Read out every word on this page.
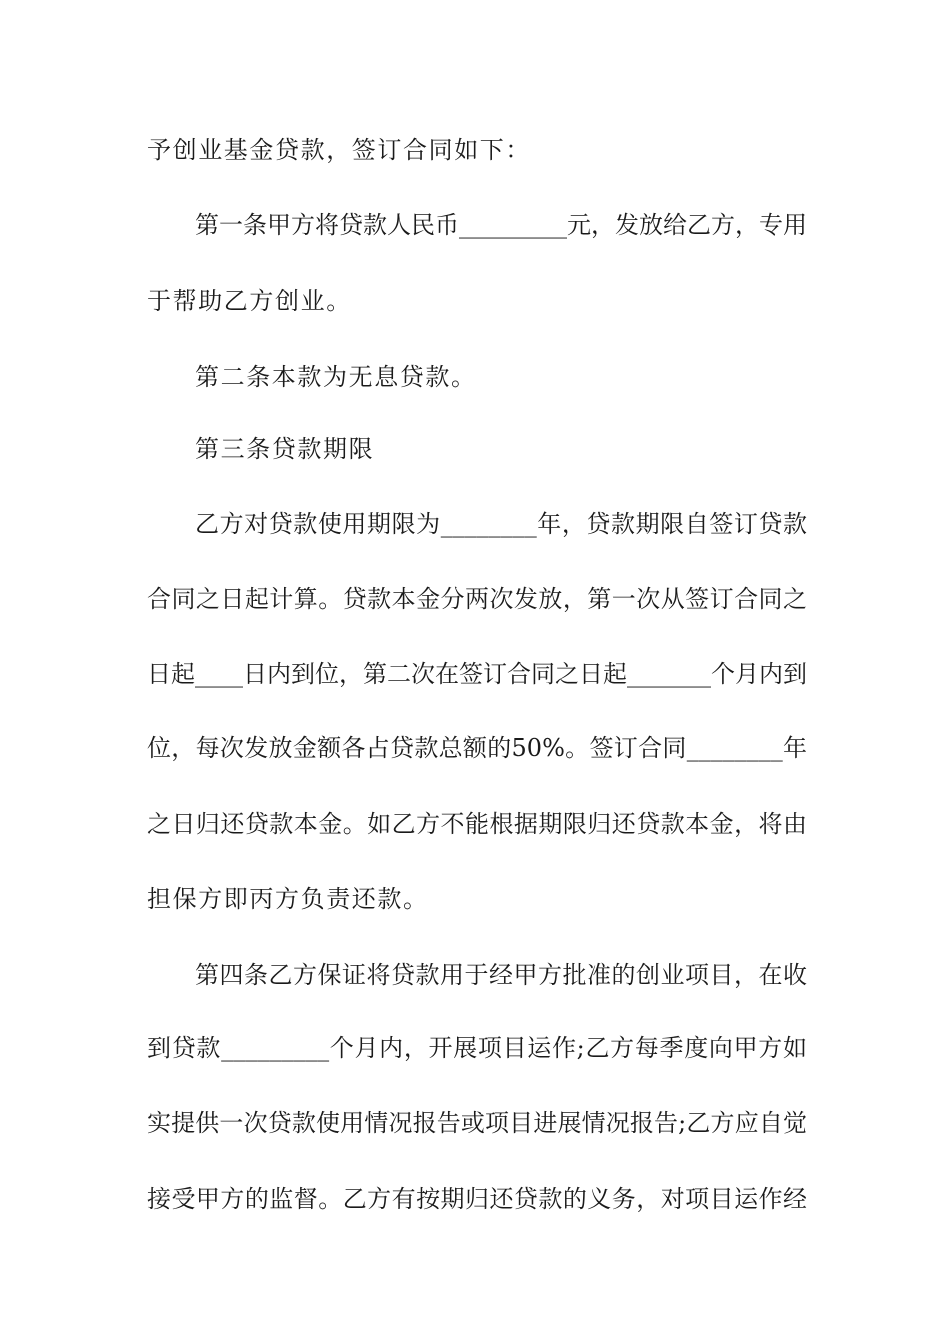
予创业基金贷款，签订合同如下：
第一条甲方将贷款人民币_________元，发放给乙方，专用
于帮助乙方创业。
第二条本款为无息贷款。
第三条贷款期限
乙方对贷款使用期限为________年，贷款期限自签订贷款
合同之日起计算。贷款本金分两次发放，第一次从签订合同之
日起____日内到位，第二次在签订合同之日起_______个月内到
位，每次发放金额各占贷款总额的50%。签订合同________年
之日归还贷款本金。如乙方不能根据期限归还贷款本金，将由
担保方即丙方负责还款。
第四条乙方保证将贷款用于经甲方批准的创业项目，在收
到贷款_________个月内，开展项目运作;乙方每季度向甲方如
实提供一次贷款使用情况报告或项目进展情况报告;乙方应自觉
接受甲方的监督。乙方有按期归还贷款的义务，对项目运作经
